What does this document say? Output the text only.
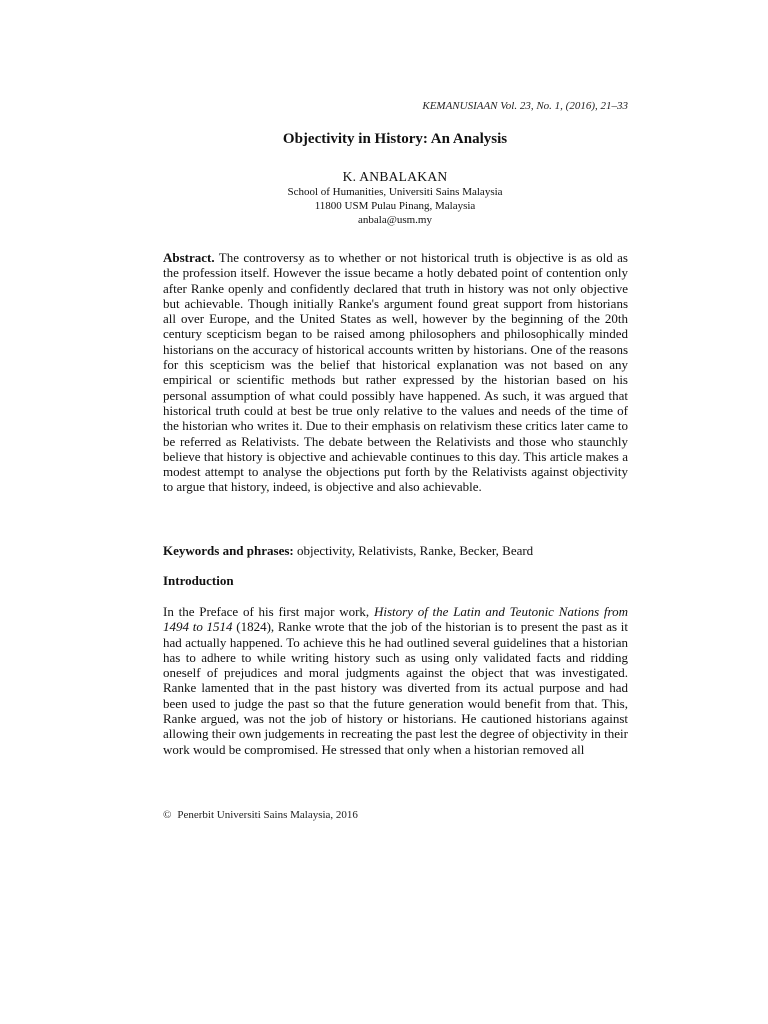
KEMANUSIAAN Vol. 23, No. 1, (2016), 21–33
Objectivity in History: An Analysis
K. ANBALAKAN
School of Humanities, Universiti Sains Malaysia
11800 USM Pulau Pinang, Malaysia
anbala@usm.my

Abstract. The controversy as to whether or not historical truth is objective is as old as the profession itself. However the issue became a hotly debated point of contention only after Ranke openly and confidently declared that truth in history was not only objective but achievable. Though initially Ranke's argument found great support from historians all over Europe, and the United States as well, however by the beginning of the 20th century scepticism began to be raised among philosophers and philosophically minded historians on the accuracy of historical accounts written by historians. One of the reasons for this scepticism was the belief that historical explanation was not based on any empirical or scientific methods but rather expressed by the historian based on his personal assumption of what could possibly have happened. As such, it was argued that historical truth could at best be true only relative to the values and needs of the time of the historian who writes it. Due to their emphasis on relativism these critics later came to be referred as Relativists. The debate between the Relativists and those who staunchly believe that history is objective and achievable continues to this day. This article makes a modest attempt to analyse the objections put forth by the Relativists against objectivity to argue that history, indeed, is objective and also achievable.

Keywords and phrases: objectivity, Relativists, Ranke, Becker, Beard

Introduction

In the Preface of his first major work, History of the Latin and Teutonic Nations from 1494 to 1514 (1824), Ranke wrote that the job of the historian is to present the past as it had actually happened. To achieve this he had outlined several guidelines that a historian has to adhere to while writing history such as using only validated facts and ridding oneself of prejudices and moral judgments against the object that was investigated. Ranke lamented that in the past history was diverted from its actual purpose and had been used to judge the past so that the future generation would benefit from that. This, Ranke argued, was not the job of history or historians. He cautioned historians against allowing their own judgements in recreating the past lest the degree of objectivity in their work would be compromised. He stressed that only when a historian removed all

© Penerbit Universiti Sains Malaysia, 2016
